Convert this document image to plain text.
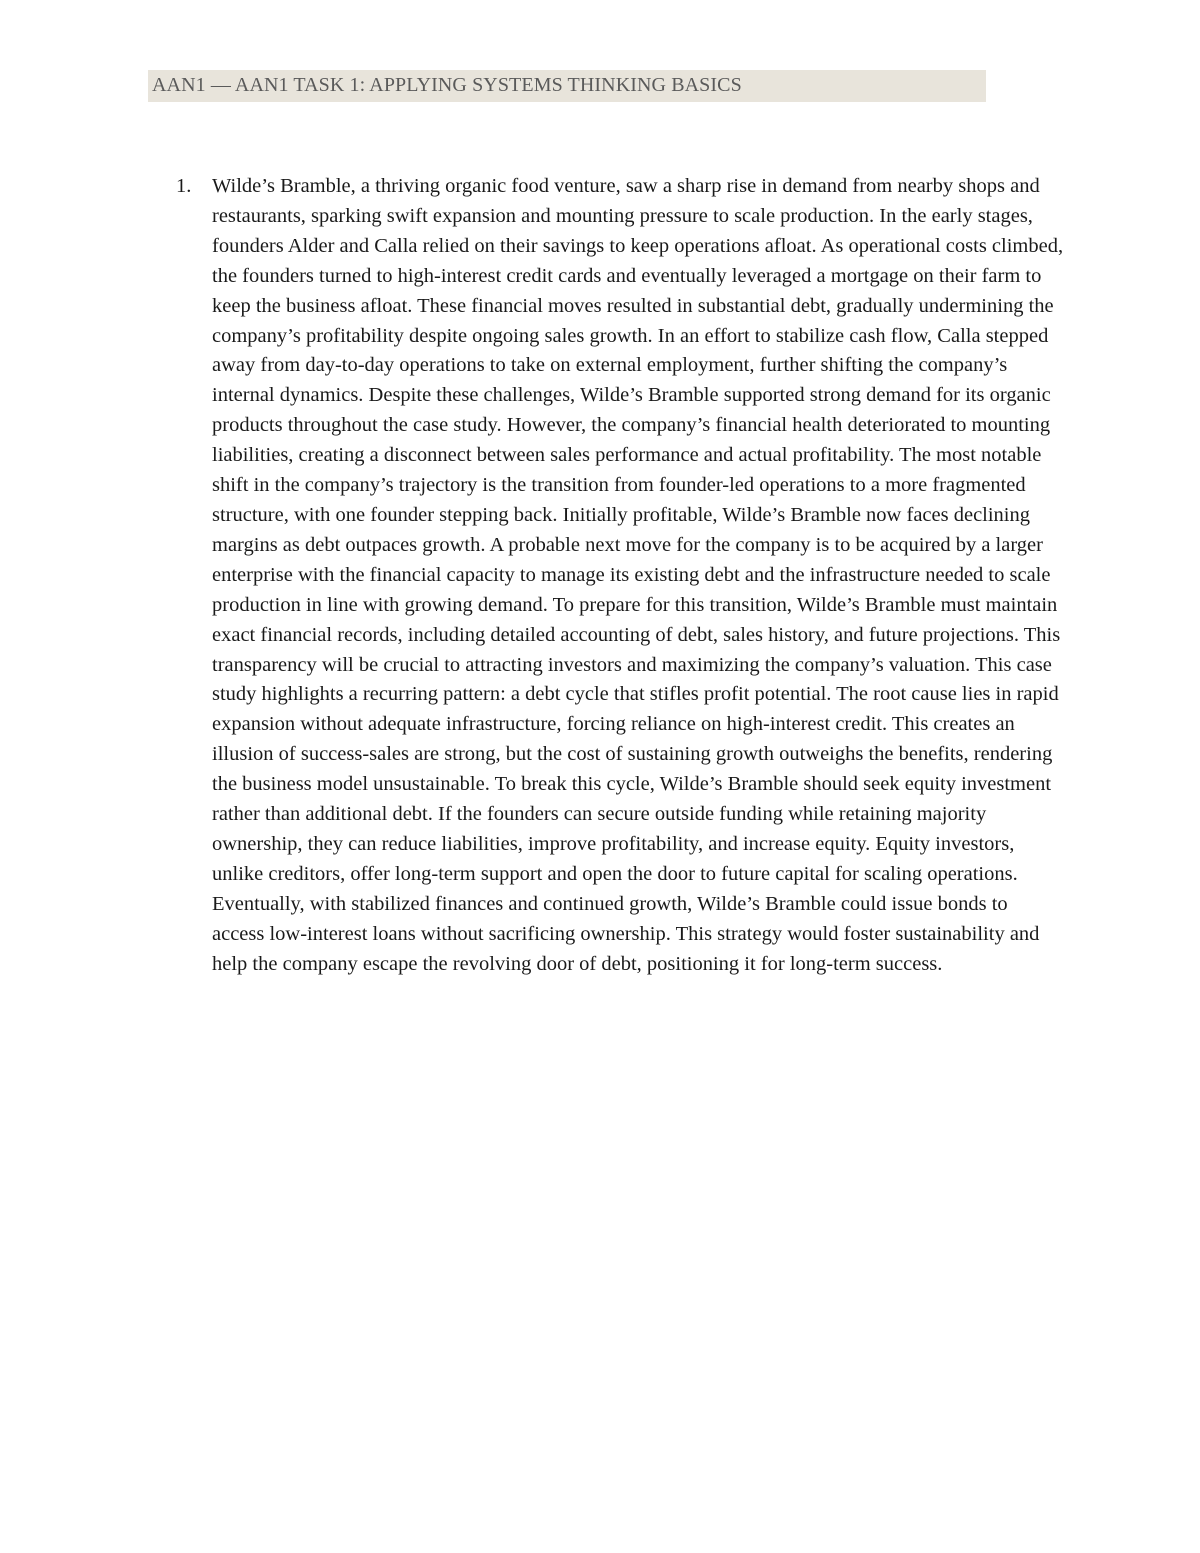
AAN1 — AAN1 TASK 1: APPLYING SYSTEMS THINKING BASICS
1. Wilde’s Bramble, a thriving organic food venture, saw a sharp rise in demand from nearby shops and restaurants, sparking swift expansion and mounting pressure to scale production. In the early stages, founders Alder and Calla relied on their savings to keep operations afloat. As operational costs climbed, the founders turned to high-interest credit cards and eventually leveraged a mortgage on their farm to keep the business afloat. These financial moves resulted in substantial debt, gradually undermining the company’s profitability despite ongoing sales growth. In an effort to stabilize cash flow, Calla stepped away from day-to-day operations to take on external employment, further shifting the company’s internal dynamics. Despite these challenges, Wilde’s Bramble supported strong demand for its organic products throughout the case study. However, the company’s financial health deteriorated to mounting liabilities, creating a disconnect between sales performance and actual profitability. The most notable shift in the company’s trajectory is the transition from founder-led operations to a more fragmented structure, with one founder stepping back. Initially profitable, Wilde’s Bramble now faces declining margins as debt outpaces growth. A probable next move for the company is to be acquired by a larger enterprise with the financial capacity to manage its existing debt and the infrastructure needed to scale production in line with growing demand. To prepare for this transition, Wilde’s Bramble must maintain exact financial records, including detailed accounting of debt, sales history, and future projections. This transparency will be crucial to attracting investors and maximizing the company’s valuation. This case study highlights a recurring pattern: a debt cycle that stifles profit potential. The root cause lies in rapid expansion without adequate infrastructure, forcing reliance on high-interest credit. This creates an illusion of success-sales are strong, but the cost of sustaining growth outweighs the benefits, rendering the business model unsustainable. To break this cycle, Wilde’s Bramble should seek equity investment rather than additional debt. If the founders can secure outside funding while retaining majority ownership, they can reduce liabilities, improve profitability, and increase equity. Equity investors, unlike creditors, offer long-term support and open the door to future capital for scaling operations. Eventually, with stabilized finances and continued growth, Wilde’s Bramble could issue bonds to access low-interest loans without sacrificing ownership. This strategy would foster sustainability and help the company escape the revolving door of debt, positioning it for long-term success.
